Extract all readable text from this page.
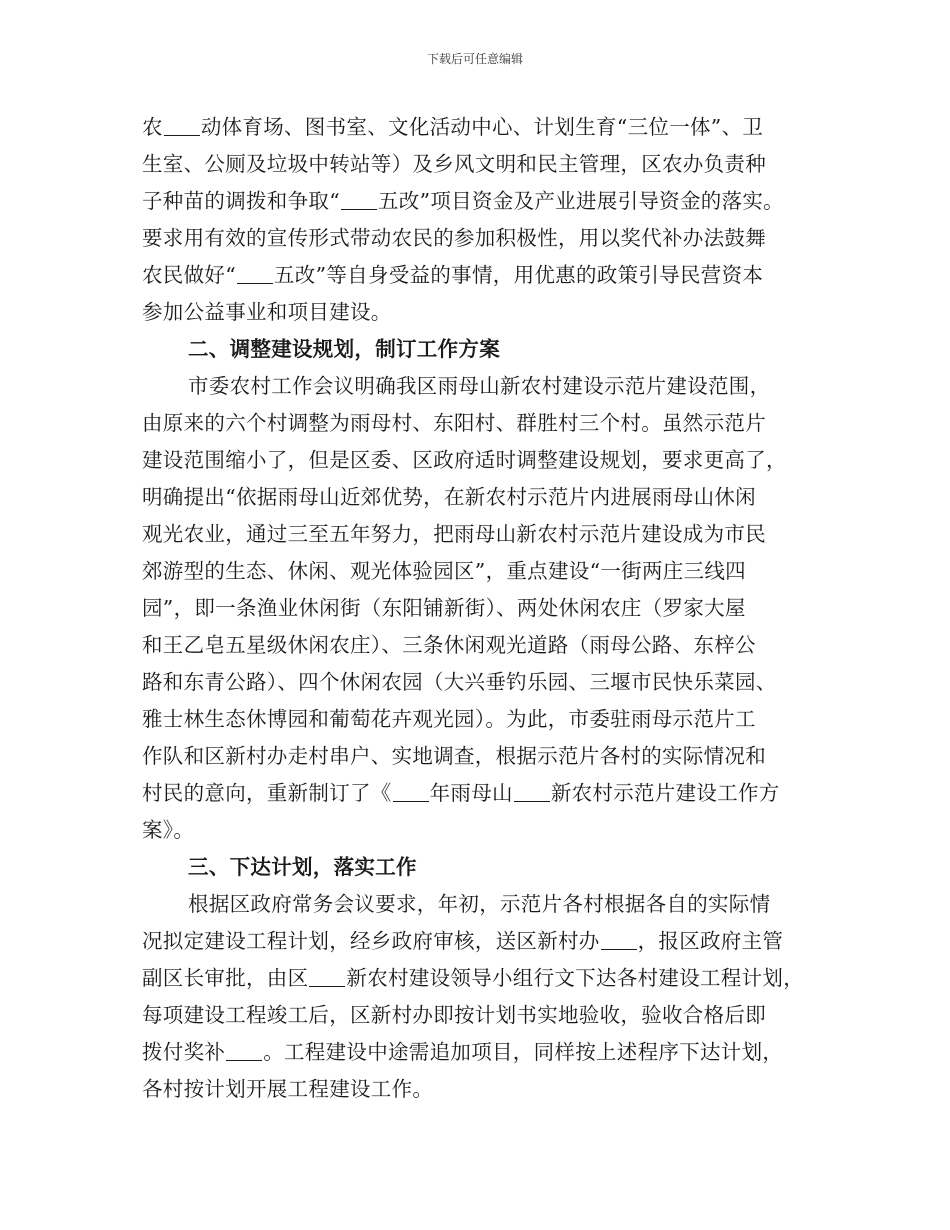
下载后可任意编辑
农 动体育场、图书室、文化活动中心、计划生育“三位一体”、卫
生室、公厕及垃圾中转站等）及乡风文明和民主管理，区农办负责种
子种苗的调拨和争取“ 五改”项目资金及产业进展引导资金的落实。
要求用有效的宣传形式带动农民的参加积极性，用以奖代补办法鼓舞
农民做好“ 五改”等自身受益的事情，用优惠的政策引导民营资本
参加公益事业和项目建设。
二、调整建设规划，制订工作方案
市委农村工作会议明确我区雨母山新农村建设示范片建设范围，
由原来的六个村调整为雨母村、东阳村、群胜村三个村。虽然示范片
建设范围缩小了，但是区委、区政府适时调整建设规划，要求更高了，
明确提出“依据雨母山近郊优势，在新农村示范片内进展雨母山休闲
观光农业，通过三至五年努力，把雨母山新农村示范片建设成为市民
郊游型的生态、休闲、观光体验园区”，重点建设“一街两庄三线四
园”，即一条渔业休闲街（东阳铺新街）、两处休闲农庄（罗家大屋
和王乙皂五星级休闲农庄）、三条休闲观光道路（雨母公路、东梓公
路和东青公路）、四个休闲农园（大兴垂钓乐园、三堰市民快乐菜园、
雅士林生态休博园和葡萄花卉观光园）。为此，市委驻雨母示范片工
作队和区新村办走村串户、实地调查，根据示范片各村的实际情况和
村民的意向，重新制订了《 年雨母山 新农村示范片建设工作方
案》。
三、下达计划，落实工作
根据区政府常务会议要求，年初，示范片各村根据各自的实际情
况拟定建设工程计划，经乡政府审核，送区新村办 ，报区政府主管
副区长审批，由区 新农村建设领导小组行文下达各村建设工程计划，
每项建设工程竣工后，区新村办即按计划书实地验收，验收合格后即
拨付奖补 。工程建设中途需追加项目，同样按上述程序下达计划，
各村按计划开展工程建设工作。
